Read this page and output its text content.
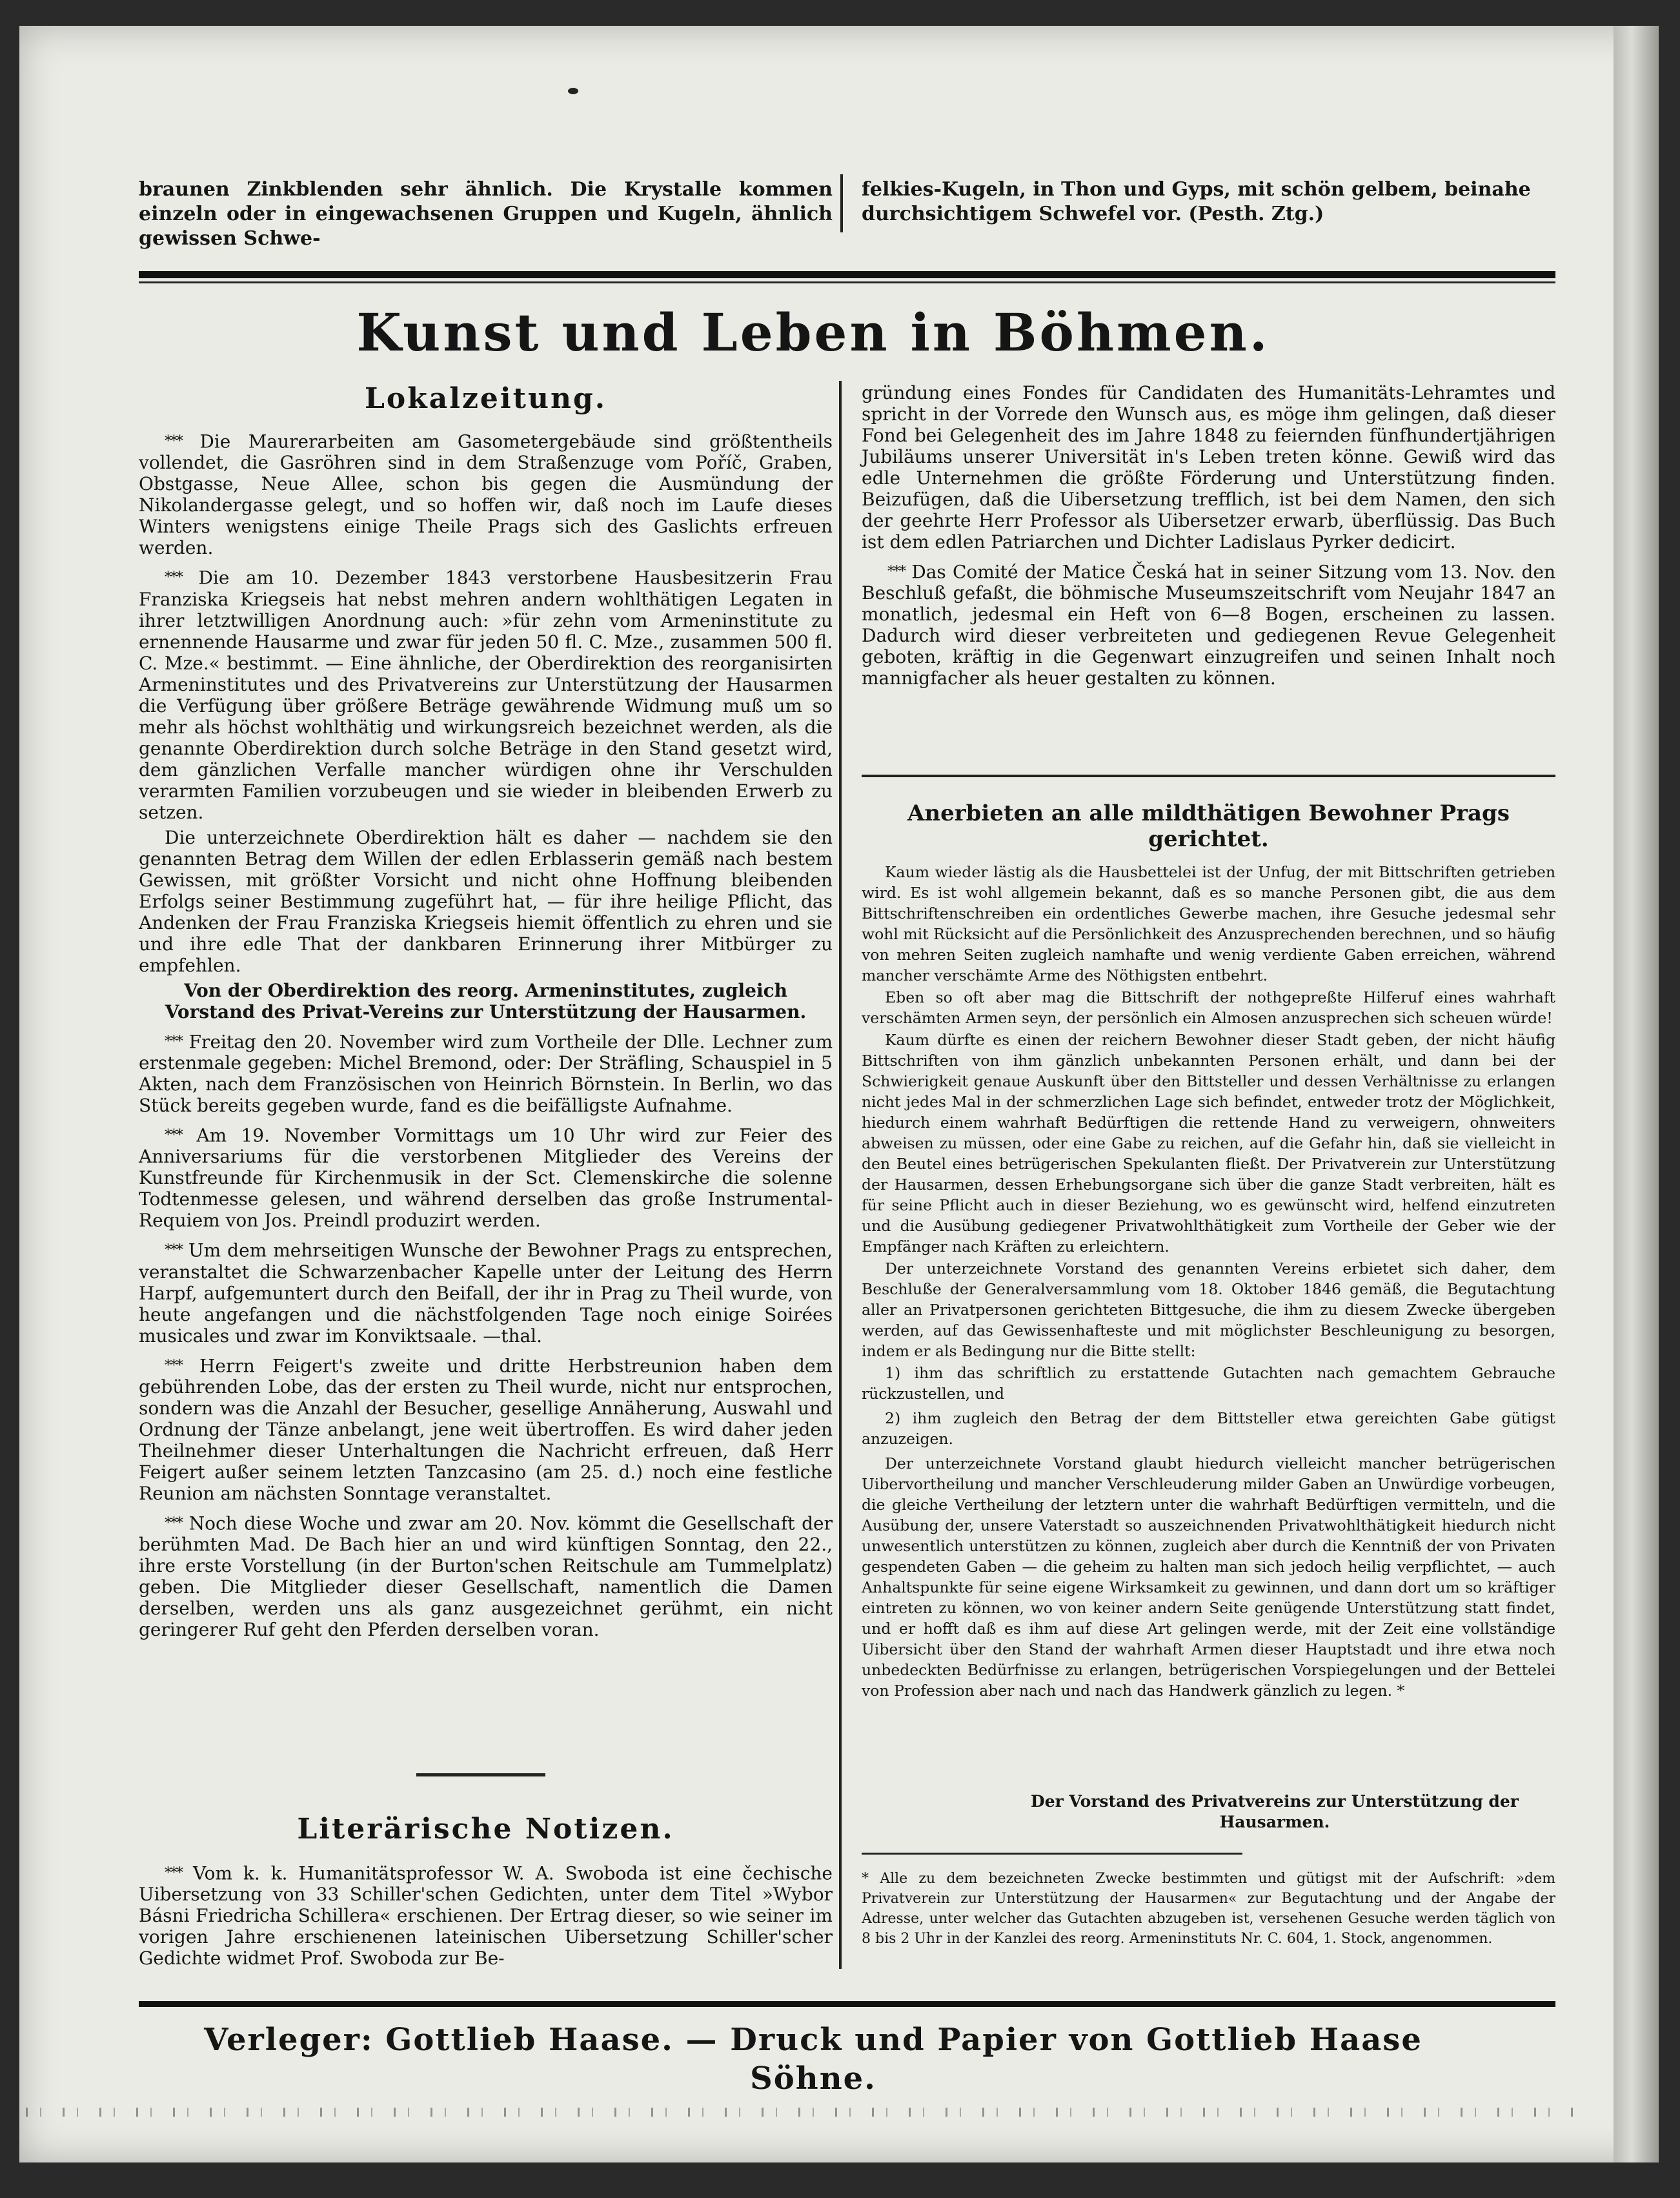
braunen Zinkblenden sehr ähnlich. Die Krystalle kommen einzeln oder in eingewachsenen Gruppen und Kugeln, ähnlich gewissen Schwe-
felkies-Kugeln, in Thon und Gyps, mit schön gelbem, beinahe durchsichtigem Schwefel vor. (Pesth. Ztg.)
Kunst und Leben in Böhmen.
Lokalzeitung.

⁎⁎⁎ Die Maurerarbeiten am Gasometergebäude sind größtentheils vollendet, die Gasröhren sind in dem Straßenzuge vom Poříč, Graben, Obstgasse, Neue Allee, schon bis gegen die Ausmündung der Nikolandergasse gelegt, und so hoffen wir, daß noch im Laufe dieses Winters wenigstens einige Theile Prags sich des Gaslichts erfreuen werden.

⁎⁎⁎ Die am 10. Dezember 1843 verstorbene Hausbesitzerin Frau Franziska Kriegseis hat nebst mehren andern wohlthätigen Legaten in ihrer letztwilligen Anordnung auch: »für zehn vom Armeninstitute zu ernennende Hausarme und zwar für jeden 50 fl. C. Mze., zusammen 500 fl. C. Mze.« bestimmt. — Eine ähnliche, der Oberdirektion des reorganisirten Armeninstitutes und des Privatvereins zur Unterstützung der Hausarmen die Verfügung über größere Beträge gewährende Widmung muß um so mehr als höchst wohlthätig und wirkungsreich bezeichnet werden, als die genannte Oberdirektion durch solche Beträge in den Stand gesetzt wird, dem gänzlichen Verfalle mancher würdigen ohne ihr Verschulden verarmten Familien vorzubeugen und sie wieder in bleibenden Erwerb zu setzen.

Die unterzeichnete Oberdirektion hält es daher — nachdem sie den genannten Betrag dem Willen der edlen Erblasserin gemäß nach bestem Gewissen, mit größter Vorsicht und nicht ohne Hoffnung bleibenden Erfolgs seiner Bestimmung zugeführt hat, — für ihre heilige Pflicht, das Andenken der Frau Franziska Kriegseis hiemit öffentlich zu ehren und sie und ihre edle That der dankbaren Erinnerung ihrer Mitbürger zu empfehlen.

Von der Oberdirektion des reorg. Armeninstitutes, zugleich Vorstand des Privat-Vereins zur Unterstützung der Hausarmen.

⁎⁎⁎ Freitag den 20. November wird zum Vortheile der Dlle. Lechner zum erstenmale gegeben: Michel Bremond, oder: Der Sträfling, Schauspiel in 5 Akten, nach dem Französischen von Heinrich Börnstein. In Berlin, wo das Stück bereits gegeben wurde, fand es die beifälligste Aufnahme.

⁎⁎⁎ Am 19. November Vormittags um 10 Uhr wird zur Feier des Anniversariums für die verstorbenen Mitglieder des Vereins der Kunstfreunde für Kirchenmusik in der Sct. Clemenskirche die solenne Todtenmesse gelesen, und während derselben das große Instrumental-Requiem von Jos. Preindl produzirt werden.

⁎⁎⁎ Um dem mehrseitigen Wunsche der Bewohner Prags zu entsprechen, veranstaltet die Schwarzenbacher Kapelle unter der Leitung des Herrn Harpf, aufgemuntert durch den Beifall, der ihr in Prag zu Theil wurde, von heute angefangen und die nächstfolgenden Tage noch einige Soirées musicales und zwar im Konviktsaale. —thal.

⁎⁎⁎ Herrn Feigert's zweite und dritte Herbstreunion haben dem gebührenden Lobe, das der ersten zu Theil wurde, nicht nur entsprochen, sondern was die Anzahl der Besucher, gesellige Annäherung, Auswahl und Ordnung der Tänze anbelangt, jene weit übertroffen. Es wird daher jeden Theilnehmer dieser Unterhaltungen die Nachricht erfreuen, daß Herr Feigert außer seinem letzten Tanzcasino (am 25. d.) noch eine festliche Reunion am nächsten Sonntage veranstaltet.

⁎⁎⁎ Noch diese Woche und zwar am 20. Nov. kömmt die Gesellschaft der berühmten Mad. De Bach hier an und wird künftigen Sonntag, den 22., ihre erste Vorstellung (in der Burton'schen Reitschule am Tummelplatz) geben. Die Mitglieder dieser Gesellschaft, namentlich die Damen derselben, werden uns als ganz ausgezeichnet gerühmt, ein nicht geringerer Ruf geht den Pferden derselben voran.

Literärische Notizen.

⁎⁎⁎ Vom k. k. Humanitätsprofessor W. A. Swoboda ist eine čechische Uibersetzung von 33 Schiller'schen Gedichten, unter dem Titel »Wybor Básni Friedricha Schillera« erschienen. Der Ertrag dieser, so wie seiner im vorigen Jahre erschienenen lateinischen Uibersetzung Schiller'scher Gedichte widmet Prof. Swoboda zur Be-

gründung eines Fondes für Candidaten des Humanitäts-Lehramtes und spricht in der Vorrede den Wunsch aus, es möge ihm gelingen, daß dieser Fond bei Gelegenheit des im Jahre 1848 zu feiernden fünfhundertjährigen Jubiläums unserer Universität in's Leben treten könne. Gewiß wird das edle Unternehmen die größte Förderung und Unterstützung finden. Beizufügen, daß die Uibersetzung trefflich, ist bei dem Namen, den sich der geehrte Herr Professor als Uibersetzer erwarb, überflüssig. Das Buch ist dem edlen Patriarchen und Dichter Ladislaus Pyrker dedicirt.

⁎⁎⁎ Das Comité der Matice Česká hat in seiner Sitzung vom 13. Nov. den Beschluß gefaßt, die böhmische Museumszeitschrift vom Neujahr 1847 an monatlich, jedesmal ein Heft von 6—8 Bogen, erscheinen zu lassen. Dadurch wird dieser verbreiteten und gediegenen Revue Gelegenheit geboten, kräftig in die Gegenwart einzugreifen und seinen Inhalt noch mannigfacher als heuer gestalten zu können.

Anerbieten an alle mildthätigen Bewohner Prags gerichtet.

Kaum wieder lästig als die Hausbettelei ist der Unfug, der mit Bittschriften getrieben wird. Es ist wohl allgemein bekannt, daß es so manche Personen gibt, die aus dem Bittschriftenschreiben ein ordentliches Gewerbe machen, ihre Gesuche jedesmal sehr wohl mit Rücksicht auf die Persönlichkeit des Anzusprechenden berechnen, und so häufig von mehren Seiten zugleich namhafte und wenig verdiente Gaben erreichen, während mancher verschämte Arme des Nöthigsten entbehrt.

Eben so oft aber mag die Bittschrift der nothgepreßte Hilferuf eines wahrhaft verschämten Armen seyn, der persönlich ein Almosen anzusprechen sich scheuen würde!

Kaum dürfte es einen der reichern Bewohner dieser Stadt geben, der nicht häufig Bittschriften von ihm gänzlich unbekannten Personen erhält, und dann bei der Schwierigkeit genaue Auskunft über den Bittsteller und dessen Verhältnisse zu erlangen nicht jedes Mal in der schmerzlichen Lage sich befindet, entweder trotz der Möglichkeit, hiedurch einem wahrhaft Bedürftigen die rettende Hand zu verweigern, ohnweiters abweisen zu müssen, oder eine Gabe zu reichen, auf die Gefahr hin, daß sie vielleicht in den Beutel eines betrügerischen Spekulanten fließt. Der Privatverein zur Unterstützung der Hausarmen, dessen Erhebungsorgane sich über die ganze Stadt verbreiten, hält es für seine Pflicht auch in dieser Beziehung, wo es gewünscht wird, helfend einzutreten und die Ausübung gediegener Privatwohlthätigkeit zum Vortheile der Geber wie der Empfänger nach Kräften zu erleichtern.

Der unterzeichnete Vorstand des genannten Vereins erbietet sich daher, dem Beschluße der Generalversammlung vom 18. Oktober 1846 gemäß, die Begutachtung aller an Privatpersonen gerichteten Bittgesuche, die ihm zu diesem Zwecke übergeben werden, auf das Gewissenhafteste und mit möglichster Beschleunigung zu besorgen, indem er als Bedingung nur die Bitte stellt:

1) ihm das schriftlich zu erstattende Gutachten nach gemachtem Gebrauche rückzustellen, und

2) ihm zugleich den Betrag der dem Bittsteller etwa gereichten Gabe gütigst anzuzeigen.

Der unterzeichnete Vorstand glaubt hiedurch vielleicht mancher betrügerischen Uibervortheilung und mancher Verschleuderung milder Gaben an Unwürdige vorbeugen, die gleiche Vertheilung der letztern unter die wahrhaft Bedürftigen vermitteln, und die Ausübung der, unsere Vaterstadt so auszeichnenden Privatwohlthätigkeit hiedurch nicht unwesentlich unterstützen zu können, zugleich aber durch die Kenntniß der von Privaten gespendeten Gaben — die geheim zu halten man sich jedoch heilig verpflichtet, — auch Anhaltspunkte für seine eigene Wirksamkeit zu gewinnen, und dann dort um so kräftiger eintreten zu können, wo von keiner andern Seite genügende Unterstützung statt findet, und er hofft daß es ihm auf diese Art gelingen werde, mit der Zeit eine vollständige Uibersicht über den Stand der wahrhaft Armen dieser Hauptstadt und ihre etwa noch unbedeckten Bedürfnisse zu erlangen, betrügerischen Vorspiegelungen und der Bettelei von Profession aber nach und nach das Handwerk gänzlich zu legen. *

Der Vorstand des Privatvereins zur Unterstützung der Hausarmen.
* Alle zu dem bezeichneten Zwecke bestimmten und gütigst mit der Aufschrift: »dem Privatverein zur Unterstützung der Hausarmen« zur Begutachtung und der Angabe der Adresse, unter welcher das Gutachten abzugeben ist, versehenen Gesuche werden täglich von 8 bis 2 Uhr in der Kanzlei des reorg. Armeninstituts Nr. C. 604, 1. Stock, angenommen.
Verleger: Gottlieb Haase. — Druck und Papier von Gottlieb Haase Söhne.
